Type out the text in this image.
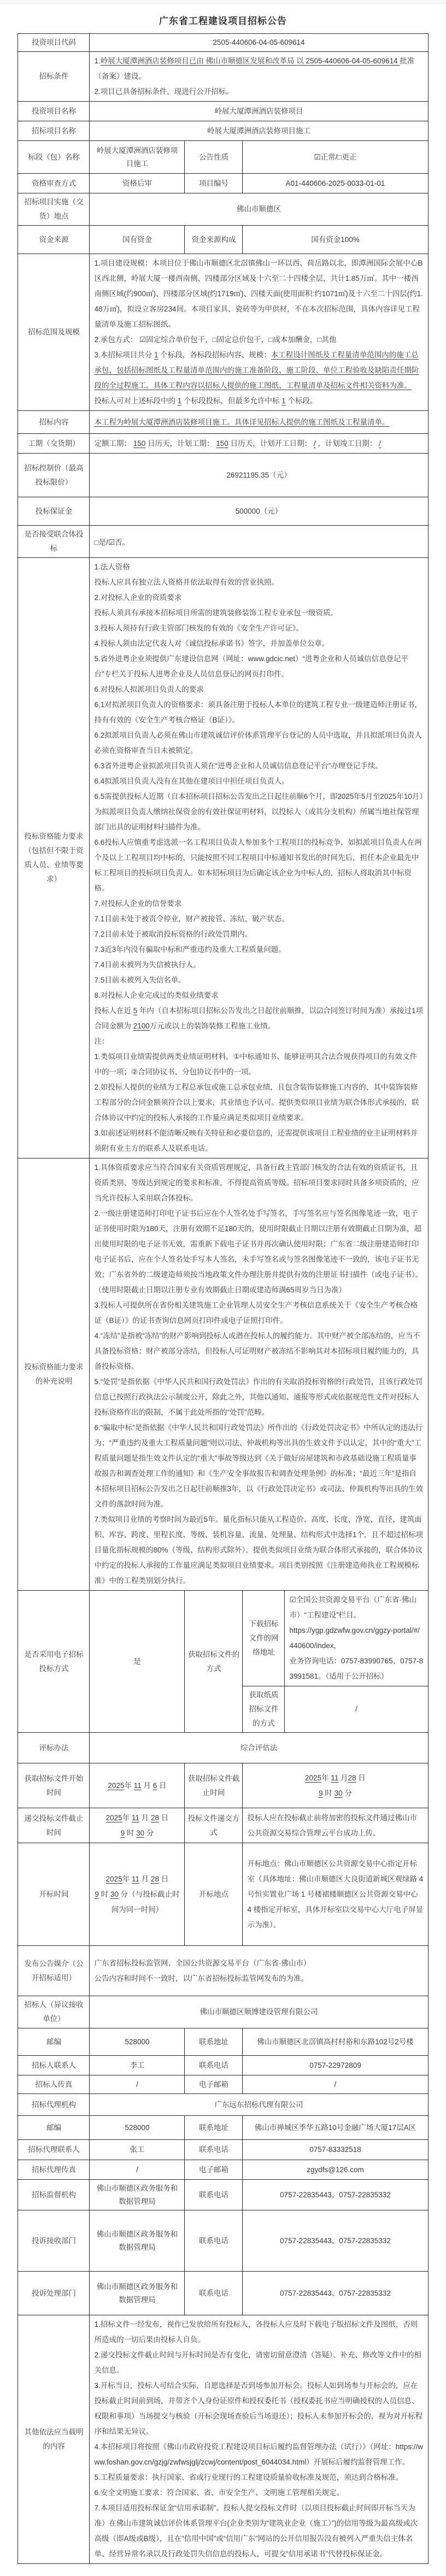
广东省工程建设项目招标公告
投资项目代码	2505-440606-04-05-609614			
招标条件	1.岭展大厦潭洲酒店装修项目已由 佛山市顺德区发展和改革局 以 2505-440606-04-05-609614 批准（备案）建设。
2.项目已具备招标条件，现进行公开招标。			

投资项目名称	岭展大厦潭洲酒店装修项目			
招标项目名称	岭展大厦潭洲酒店装修项目施工			
标段（包）名称	岭展大厦潭洲酒店装修项目施工	公告性质	☑正常/□更正	
资格审查方式	资格后审	项目编号	A01-440606-2025-0033-01-01	
招标项目实施（交货）地点	佛山市顺德区			
资金来源	国有资金	资金来源构成	国有资金100%	
招标范围及规模	1.项目建设规模：本项目位于佛山市顺德区北滘镇佛山一环以西、荷岳路以北，即潭洲国际会展中心B区西北侧，岭展大厦一楼西南侧、四楼部分区域及十六至二十四楼全层，共计1.85万㎡。其中一楼西南侧区域(约900㎡)、四楼部分区域(约1719㎡)、四楼天面(使用面积:约1071㎡)及十六至二十四层(约1.48万㎡)，拟设立客房234间。本项目家具、瓷砖等为甲供材，不在本次招标范围，具体内容详见工程量清单及施工招标图纸。
2.承包方式： ☑固定综合单价包干，□固定总价包干，□成本加酬金，□其他
3.本招标项目共分 1 个标段，各标段招标内容、规模：本工程设计图纸及工程量清单范围内的施工总承包，包括招标图纸及工程量清单范围内的施工准备阶段、施工阶段、单位工程验收及缺陷责任期阶段的全过程施工。具体工程内容以招标人提供的施工图纸、工程量清单及招标文件相关资料为准。
投标人可对上述标段中的 1 个标段投标，但最多允许中标 1 个标段。			

招标内容	本工程为岭展大厦潭洲酒店装修项目施工。具体详见招标人提供的施工图纸及工程量清单。			

工期（交货期）	定额工期： 150 日历天，计划工期： 150 日历天，计划开工日期： / ，计划竣工日期： /			

招标控制价（最高投标限价）	26921195.35（元）			
投标保证金	500000（元）			
是否接受联合体投标	□是/☑否。			
投标资格能力要求（包括但不限于资质人员、业绩等要求）	
1.法人资格
投标人应具有独立法人资格并依法取得有效的营业执照。
2.对投标人企业的资质要求
投标人须具有承接本招标项目所需的建筑装修装饰工程专业承包一级资质。
3.投标人须持有行政主管部门核发的有效的《安全生产许可证》。
4.投标人须由法定代表人对《诚信投标承诺书》签字，并加盖单位公章。
5.省外进粤企业须提供广东建设信息网（网址：www.gdcic.net）“进粤企业和人员诚信信息登记平台”专栏关于投标人进粤企业及人员信息登记的网页打印件。
6.对投标人拟派项目负责人的要求
6.1对拟派项目负责人的资格要求：须具备注册于投标人本单位的建筑工程专业一级建造师注册证书，持有有效的《安全生产考核合格证（B证）》。
6.2拟派项目负责人必须在佛山市建筑诚信评价体系管理平台登记的人员中选取，并且拟派项目负责人必须在资格审查当日未被锁定。
6.3省外进粤企业拟派项目负责人须在“进粤企业和人员诚信信息登记平台”办理登记手续。
6.4拟派项目负责人没有在其他在建项目中担任项目负责人。
6.5需提供投标人近期（自本招标项目招标公告发出之日起往前顺6个月，即2025年5月至2025年10月）为拟派项目负责人缴纳社保资金的有效社保证明材料，以投标人（或其分支机构）所属当地社保管理部门出具的证明材料扫描件为准。
6.6投标人应慎重考虑选派一名工程项目负责人参加多个工程项目的投标竞争，如拟派项目负责人在两个及以上工程项目均中标的，只能按照不同工程项目中标通知书发出的时间先后，担任本企业最先中标工程项目的投标项目负责人。如本招标项目为后确定该企业为中标人的，招标人将取消其中标资格。
7.对投标人企业的信誉要求
7.1目前未处于被责令停业，财产被接管、冻结，破产状态。
7.2目前未处于被取消投标资格的行政处罚期内。
7.3近3年内没有骗取中标和严重违约及重大工程质量问题。
7.4目前未被列为失信被执行人。
7.5目前未被列入失信名单。
8.对投标人企业完成过的类似业绩要求
投标人在近 5 年内（自本招标项目招标公告发出之日起往前顺推，以☑合同签订时间为准）承接过1项合同金额为 2100万元或以上的装饰装修工程施工业绩。
注：
1.类似项目业绩需提供两类业绩证明材料，①中标通知书、能够证明其合法合规获得项目的有效文件中的一项；②合同协议书、分包协议书中的一项。
2.如投标人提供的业绩为工程总承包或施工总承包业绩，且包含装饰装修施工内容的，其中装饰装修工程部分的合同金额须符合以上要求，其业绩也予认可。提供类似项目业绩为联合体形式承接的，联合体协议中约定的投标人承接的工作量应满足类似项目业绩要求。
3.如前述证明材料不能清晰反映有关特征和必要信息的，还需提供该项目工程业绩的业主证明材料并须附有业主方的联系人及联系电话。

投标资格能力要求的补充说明	
1.具体资质要求应当符合国家有关资质管理规定，具备行政主管部门核发的合法有效的资质证书，且资质类别、等级达到规定的要求和标准，不得提高资质等级。招标项目要求同时具备多项资质的，应当允许投标人采用联合体投标。
2.一级注册建造师打印电子证书后应在个人签名处手写签名，手写签名应与签名图像笔迹一致，电子证书使用时限为180天，注册有效期不足180天的，使用时限截止日期以注册有效期截止日期为准，超出使用时限的电子证书无效，需重新下载电子证书并再次确认使用时限；广东省二级注册建造师打印电子证书后，应在个人签名处手写本人签名，未手写签名或与签名图像笔迹不一致的，该电子证书无效；广东省外的二级建造师须按当地政策文件办理注册并提供有效的注册证书扫描件（或电子证书）。（使用时限截止日期以注册专业有效期截止日期或建造师满65周岁当日为准）
3.投标人可提供所在省份相关建筑施工企业管理人员安全生产考核信息系统关于《安全生产考核合格证（B证）》的证书查询信息网页打印件或电子证照打印件。
4.“冻结”是指被“冻结”的财产影响到投标人或潜在投标人的履约能力。其中财产被全部冻结的，应当不具备投标资格；财产被部分冻结，但投标人可证明财产被冻结不影响其对本招标项目履约能力的，具备投标资格。
5.“处罚”是指依据《中华人民共和国行政处罚法》作出的有关取消投标资格的行政处罚，且该行政处罚信息已按照行政执法公示制度公开，除此之外，其他以通知、通报等形式或依据规范性文件对投标人投标资格作出的限制，不属于此处所指的“处罚”范畴。
6.“骗取中标”是指依据《中华人民共和国行政处罚法》所作出的《行政处罚决定书》中所认定的违法行为；“严重违约及重大工程质量问题”则以司法、仲裁机构等出具的生效文件予以认定，其中的“重大”工程质量问题是指生效文件认定的“重大”事故等级达到《关于做好房屋建筑和市政基础设施工程质量事故报告和调查处理工作的通知》和《生产安全事故报告和调查处理条例》的标准；“最近三年”是指自本招标项目招标公告发出之日起往前顺推3年，以《行政处罚决定书》或司法、仲裁机构等出具的生效文件的落款时间为准。
7.类似项目业绩的考察时间为最近5年。量化指标只能从工程造价、高度、长度、净宽、直径、建筑面积、库容、跨度、里程长度、等级、装机容量、流量、处理量、结构形式中选择1个，且不超过招标项目量化指标规模的80%（等级、结构形式除外）。提供类似项目业绩为联合体形式承接的，联合体协议中约定的投标人承接的工作量应满足类似项目业绩要求。项目类别按照《注册建造师执业工程规模标准》中的工程类别划分执行。

是否采用电子招标投标方式	是	获取招标文件的方式	下载招标文件的网络地址	☑全国公共资源交易平台（广东省·佛山市）“工程建设”栏目。
https://ygp.gdzwfw.gov.cn/ggzy-portal/#/440600/index，
业务咨询电话：0757-83990765、0757-83991581。（适用于公开招标）

			获取纸质招标文件的方式	/
评标办法	综合评估法			
获取招标文件开始时间	2025年 11 月 6 日	获取招标文件截止时间	2025年 11 月28 日
9 时 30 分	

递交投标文件截止时间	2025年 11 月 28 日
9 时 30 分	投标文件递交方式	投标人应在投标截止前将加密的投标文件通过佛山市公共资源交易综合管理云平台成功上传。	

开标时间	2025年 11 月 28 日
9 时 30 分（与投标截止时间为同一时间）	开标地点	开标地点：佛山市顺德区公共资源交易中心指定开标室（具体地址：佛山市顺德区大良街道新城区观绿路 4 号恒实置业广场 1 号楼裙楼顺德区公共资源交易中心 4 楼指定开标室，具体开标室以交易中心大厅电子屏显示为准）。	

发布公告媒介（公开招标适用）	广东省招标投标监管网、全国公共资源交易平台（广东省·佛山市）
公告内容和时间不一致时，以广东省招标投标监管网发布的为准。			

招标人（异议接收单位）	佛山市顺德区顺博建设管理有限公司			
邮编	528000	联系地址	佛山市顺德区北滘镇高村村裕和东路102号2号楼	
招标人联系人	李工	联系电话	0757-22972809	
招标人传真	/	电子邮箱	/	
招标代理机构	广东远东招标代理有限公司			
邮编	528000	联系地址	佛山市禅城区季华五路10号金融广场大厦17层A区	
招标代理联系人	张工	联系电话	0757-83332518	
招标代理传真	/	电子邮箱	zgydfs@126.com	
招标监督机构	佛山市顺德区政务服务和数据管理局	联系电话	0757-22835443、0757-22835332	
投诉接收部门	佛山市顺德区政务服务和数据管理局	联系电话	0757-22835443、0757-22835332	
投诉处理部门	佛山市顺德区政务服务和数据管理局	联系电话	0757-22835443、0757-22835332	
其他依法应当载明的内容	
1.招标文件一经发布，视作已发放给所有投标人，各投标人应及时下载电子版招标文件及图纸，否则所造成的一切后果由投标人自负。
2.递交投标文件截止时间与开标时间是否有变化，请密切留意澄清（答疑）、补充、修改等文件中的相关信息。
3.开标当日，投标人可结合实际，自愿选择是否到场参加开标会。投标人如到场参与开标会的，应在投标截止时间前到场，并带齐个人身份证原件和授权委托书（授权委托书应当明确授权的人员信息、权限和事项）当场提交与核验（开标会现场查验后当场退还）；投标人未参加开标会的，视为对开标程序和结果无异议。
4.本招标项目将按照《佛山市政府投资工程建设项目标后履约监督管理办法（试行）》（网址：https://www.foshan.gov.cn/gzjg/zwfwsjglj/zcwj/content/post_6044034.html）开展标后履约监督管理工作。
5.工程质量要求：执行国家、省或行业现行的工程建设质量验收标准及规范，须达到合格标准。
6.安全文明施工要求：符合国家、省、市安全生产、文明施工管理相关规定。
7.本项目适用投标保证金“信用承诺制”。投标人提交投标文件时（以项目投标截止时间即开标当天为准）在佛山市建筑诚信评价体系管理平台(企业类别为“建筑业企业（施工）”)的信用等级为最高级或次高级（即A级或B级），且在“信用中国”或“信用广东”网站的公开信用报告没有被列入严重失信主体名单、经营异常名录以及行政处罚失信信息的投标人，可提交“信用承诺书”代替投标保证金。
